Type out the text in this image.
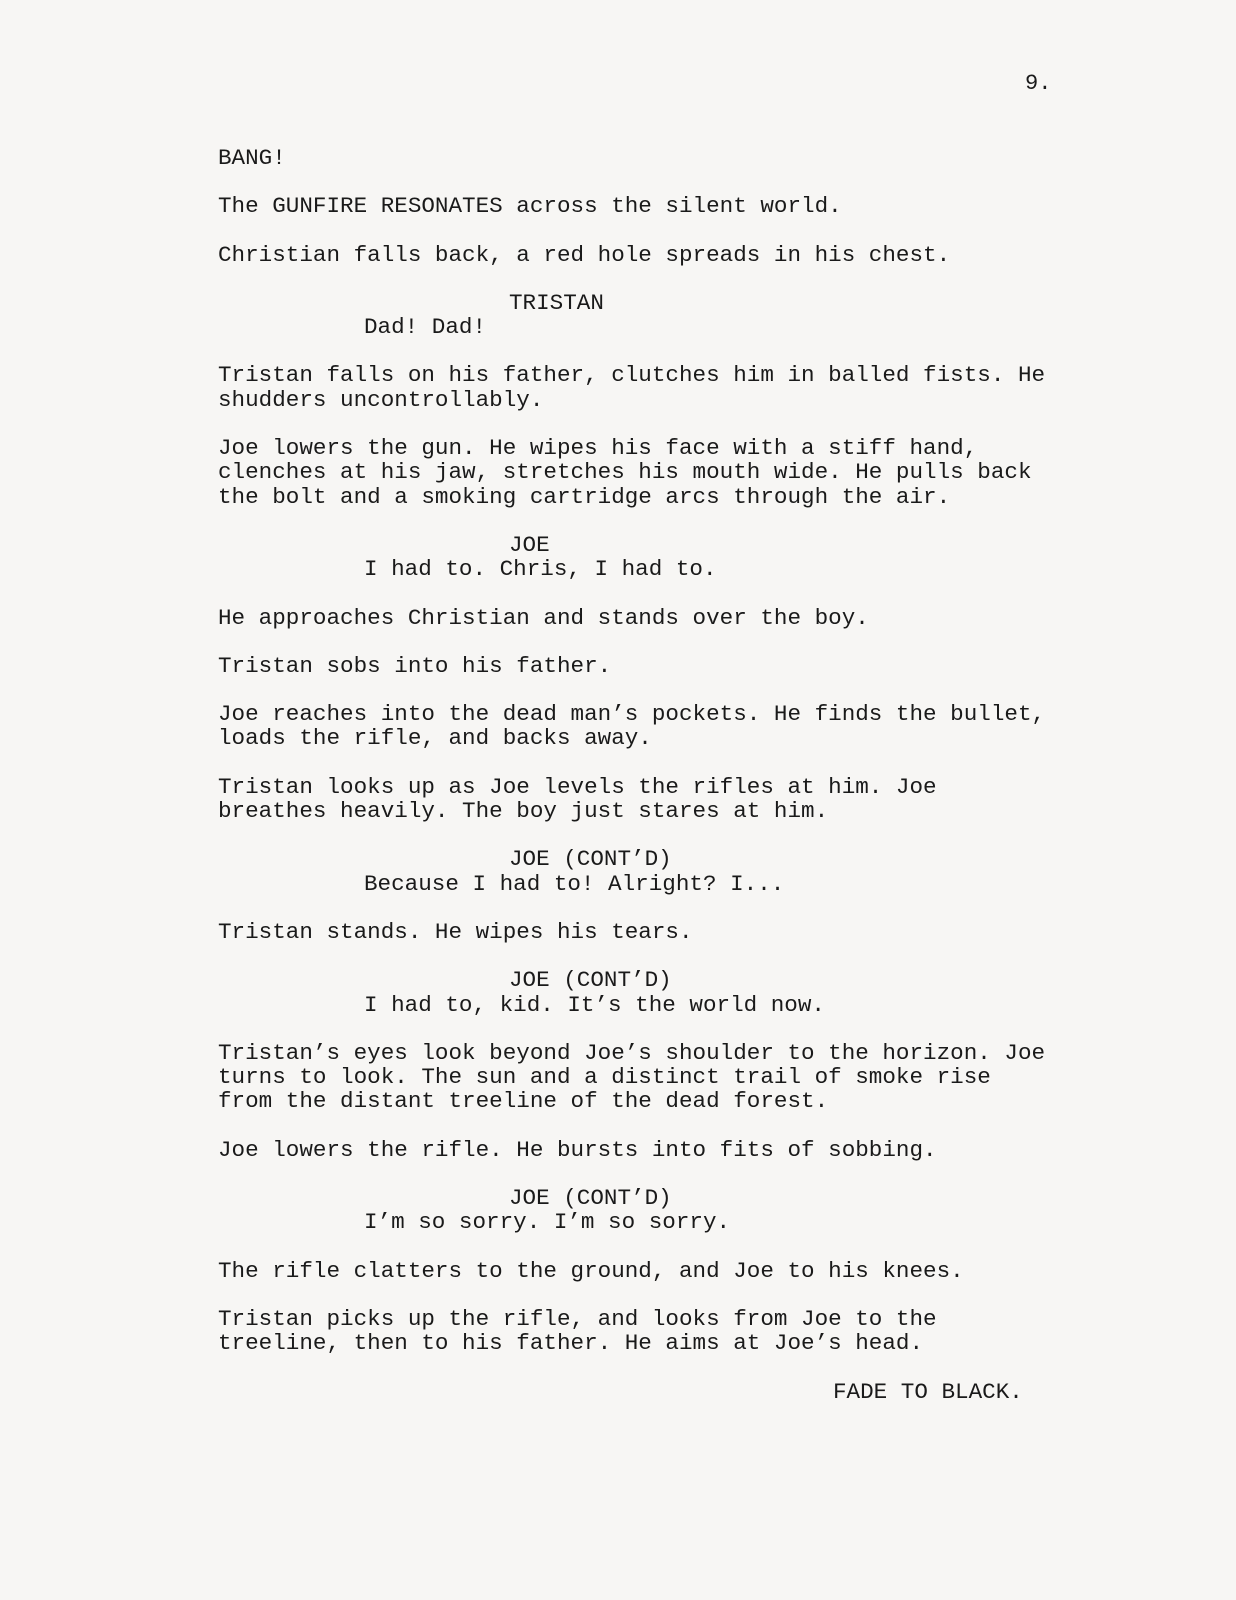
9.

BANG!

The GUNFIRE RESONATES across the silent world.

Christian falls back, a red hole spreads in his chest.

TRISTAN

Dad! Dad!

Tristan falls on his father, clutches him in balled fists. He
shudders uncontrollably.

Joe lowers the gun. He wipes his face with a stiff hand,
clenches at his jaw, stretches his mouth wide. He pulls back
the bolt and a smoking cartridge arcs through the air.

JOE

I had to. Chris, I had to.

He approaches Christian and stands over the boy.

Tristan sobs into his father.

Joe reaches into the dead man’s pockets. He finds the bullet,
loads the rifle, and backs away.

Tristan looks up as Joe levels the rifles at him. Joe
breathes heavily. The boy just stares at him.

JOE (CONT’D)

Because I had to! Alright? I...

Tristan stands. He wipes his tears.

JOE (CONT’D)

I had to, kid. It’s the world now.

Tristan’s eyes look beyond Joe’s shoulder to the horizon. Joe
turns to look. The sun and a distinct trail of smoke rise
from the distant treeline of the dead forest.

Joe lowers the rifle. He bursts into fits of sobbing.

JOE (CONT’D)

I’m so sorry. I’m so sorry.

The rifle clatters to the ground, and Joe to his knees.

Tristan picks up the rifle, and looks from Joe to the
treeline, then to his father. He aims at Joe’s head.

FADE TO BLACK.
